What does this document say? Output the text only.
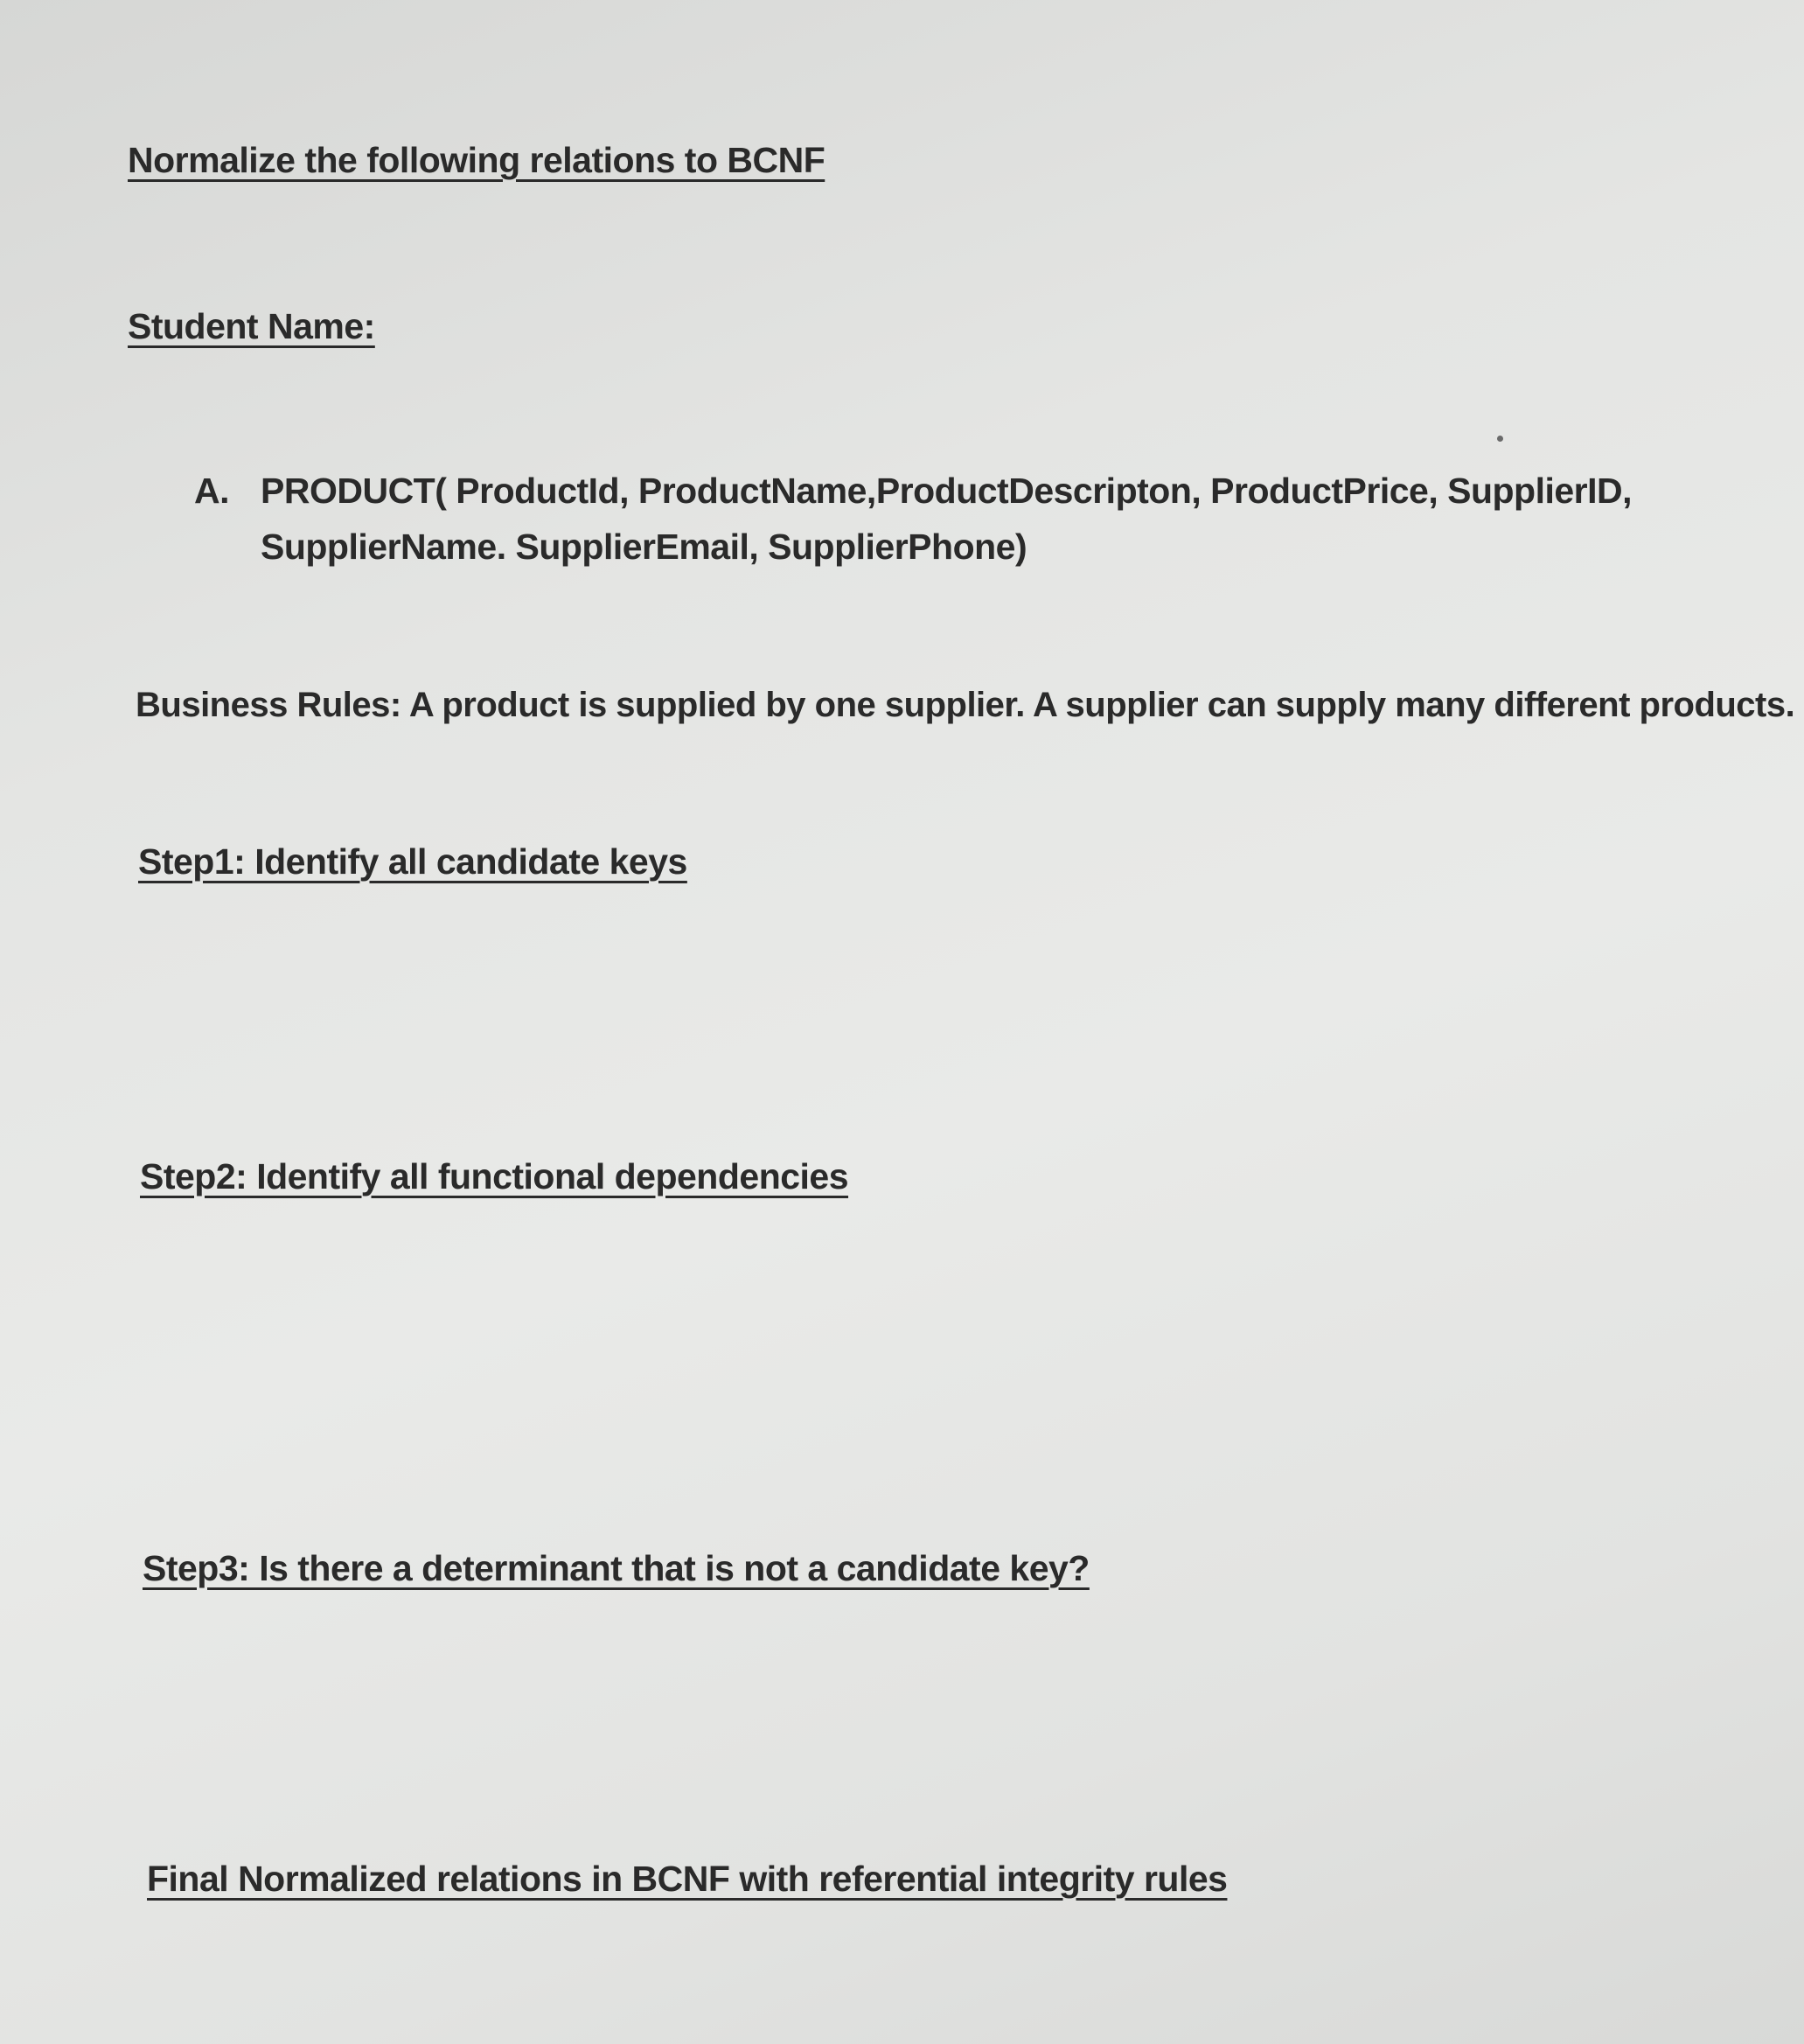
Normalize the following relations to BCNF
Student Name:
A. PRODUCT( ProductId, ProductName,ProductDescripton, ProductPrice, SupplierID,
SupplierName. SupplierEmail, SupplierPhone)
Business Rules: A product is supplied by one supplier. A supplier can supply many different products.
Step1: Identify all candidate keys
Step2: Identify all functional dependencies
Step3: Is there a determinant that is not a candidate key?
Final Normalized relations in BCNF with referential integrity rules
